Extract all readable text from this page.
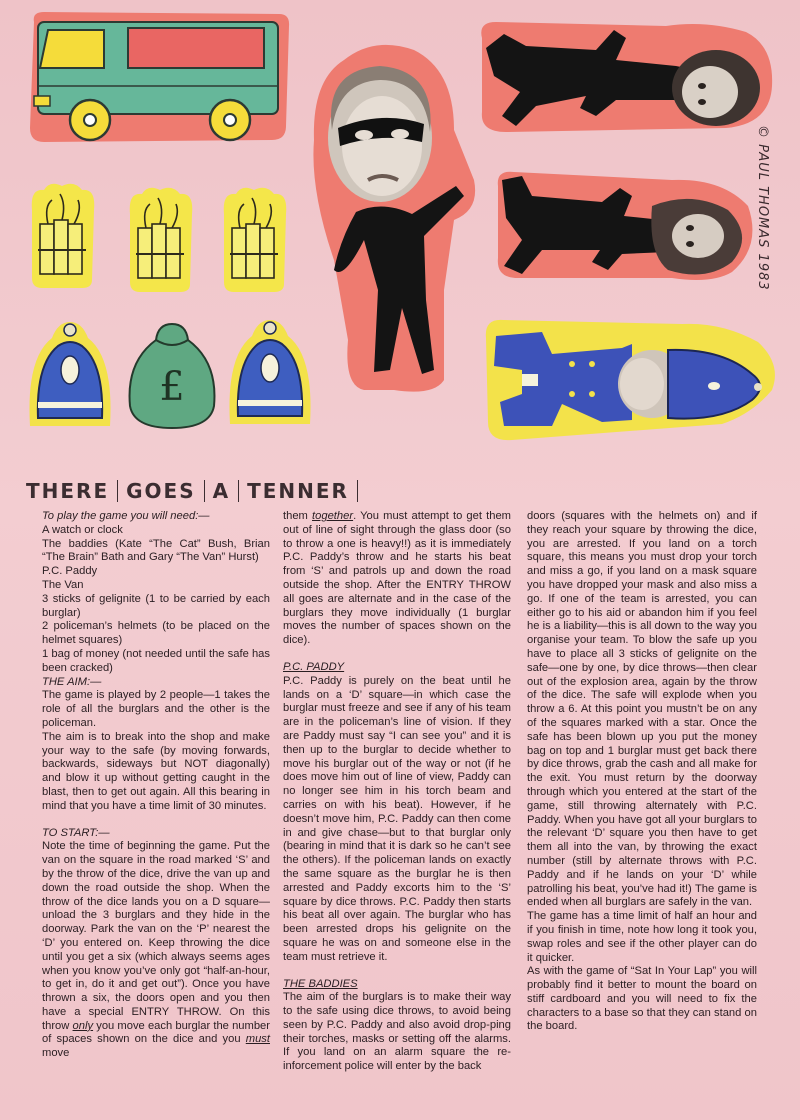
£
© PAUL THOMAS 1983
THERE GOES A TENNER

To play the game you will need:—

A watch or clock

The baddies (Kate “The Cat” Bush, Brian “The Brain” Bath and Gary “The Van” Hurst)

P.C. Paddy

The Van

3 sticks of gelignite (1 to be carried by each burglar)

2 policeman’s helmets (to be placed on the helmet squares)

1 bag of money (not needed until the safe has been cracked)

THE AIM:—

The game is played by 2 people—1 takes the role of all the burglars and the other is the policeman.

The aim is to break into the shop and make your way to the safe (by moving forwards, backwards, sideways but NOT diagonally) and blow it up without getting caught in the blast, then to get out again. All this bearing in mind that you have a time limit of 30 minutes.

TO START:—

Note the time of beginning the game. Put the van on the square in the road marked ‘S’ and by the throw of the dice, drive the van up and down the road outside the shop. When the throw of the dice lands you on a D square—unload the 3 burglars and they hide in the doorway. Park the van on the ‘P’ nearest the ‘D’ you entered on. Keep throwing the dice until you get a six (which always seems ages when you know you’ve only got “half-an-hour, to get in, do it and get out”). Once you have thrown a six, the doors open and you then have a special ENTRY THROW. On this throw only you move each burglar the number of spaces shown on the dice and you must move

them together. You must attempt to get them out of line of sight through the glass door (so to throw a one is heavy!!) as it is immediately P.C. Paddy’s throw and he starts his beat from ‘S’ and patrols up and down the road outside the shop. After the ENTRY THROW all goes are alternate and in the case of the burglars they move individually (1 burglar moves the number of spaces shown on the dice).

P.C. PADDY

P.C. Paddy is purely on the beat until he lands on a ‘D’ square—in which case the burglar must freeze and see if any of his team are in the policeman’s line of vision. If they are Paddy must say “I can see you” and it is then up to the burglar to decide whether to move his burglar out of the way or not (if he does move him out of line of view, Paddy can no longer see him in his torch beam and carries on with his beat). However, if he doesn’t move him, P.C. Paddy can then come in and give chase—but to that burglar only (bearing in mind that it is dark so he can’t see the others). If the policeman lands on exactly the same square as the burglar he is then arrested and Paddy excorts him to the ‘S’ square by dice throws. P.C. Paddy then starts his beat all over again. The burglar who has been arrested drops his gelignite on the square he was on and someone else in the team must retrieve it.

THE BADDIES

The aim of the burglars is to make their way to the safe using dice throws, to avoid being seen by P.C. Paddy and also avoid drop-ping their torches, masks or setting off the alarms. If you land on an alarm square the re-inforcement police will enter by the back

doors (squares with the helmets on) and if they reach your square by throwing the dice, you are arrested. If you land on a torch square, this means you must drop your torch and miss a go, if you land on a mask square you have dropped your mask and also miss a go. If one of the team is arrested, you can either go to his aid or abandon him if you feel he is a liability—this is all down to the way you organise your team. To blow the safe up you have to place all 3 sticks of gelignite on the safe—one by one, by dice throws—then clear out of the explosion area, again by the throw of the dice. The safe will explode when you throw a 6. At this point you mustn’t be on any of the squares marked with a star. Once the safe has been blown up you put the money bag on top and 1 burglar must get back there by dice throws, grab the cash and all make for the exit. You must return by the doorway through which you entered at the start of the game, still throwing alternately with P.C. Paddy. When you have got all your burglars to the relevant ‘D’ square you then have to get them all into the van, by throwing the exact number (still by alternate throws with P.C. Paddy and if he lands on your ‘D’ while patrolling his beat, you’ve had it!) The game is ended when all burglars are safely in the van.

The game has a time limit of half an hour and if you finish in time, note how long it took you, swap roles and see if the other player can do it quicker.

As with the game of “Sat In Your Lap” you will probably find it better to mount the board on stiff cardboard and you will need to fix the characters to a base so that they can stand on the board.
